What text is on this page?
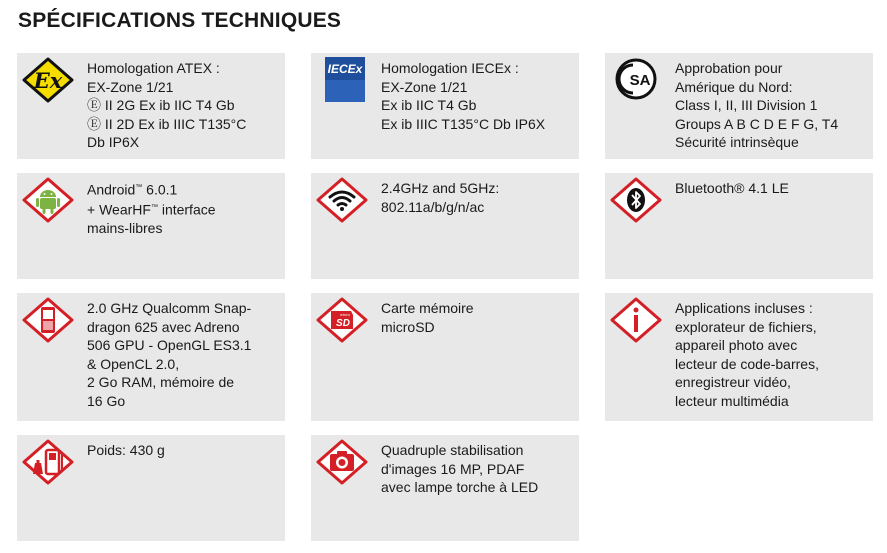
SPÉCIFICATIONS TECHNIQUES
Ex Homologation ATEX :
EX-Zone 1/21
Ⓔ II 2G Ex ib IIC T4 Gb
Ⓔ II 2D Ex ib IIIC T135°C
Db IP6X
IECEx Homologation IECEx :
EX-Zone 1/21
Ex ib IIC T4 Gb
Ex ib IIIC T135°C Db IP6X
SA
Approbation pour
Amérique du Nord:
Class I, II, III Division 1
Groups A B C D E F G, T4
Sécurité intrinsèque
Android™ 6.0.1
+ WearHF™ interface
mains-libres
2.4GHz and 5GHz:
802.11a/b/g/n/ac
Bluetooth® 4.1 LE
2.0 GHz Qualcomm Snap-
dragon 625 avec Adreno
506 GPU - OpenGL ES3.1
& OpenCL 2.0,
2 Go RAM, mémoire de
16 Go
micro
SD
Carte mémoire
microSD
Applications incluses :
explorateur de fichiers,
appareil photo avec
lecteur de code-barres,
enregistreur vidéo,
lecteur multimédia
Poids: 430 g	Quadruple stabilisation
d'images 16 MP, PDAF
avec lampe torche à LED
